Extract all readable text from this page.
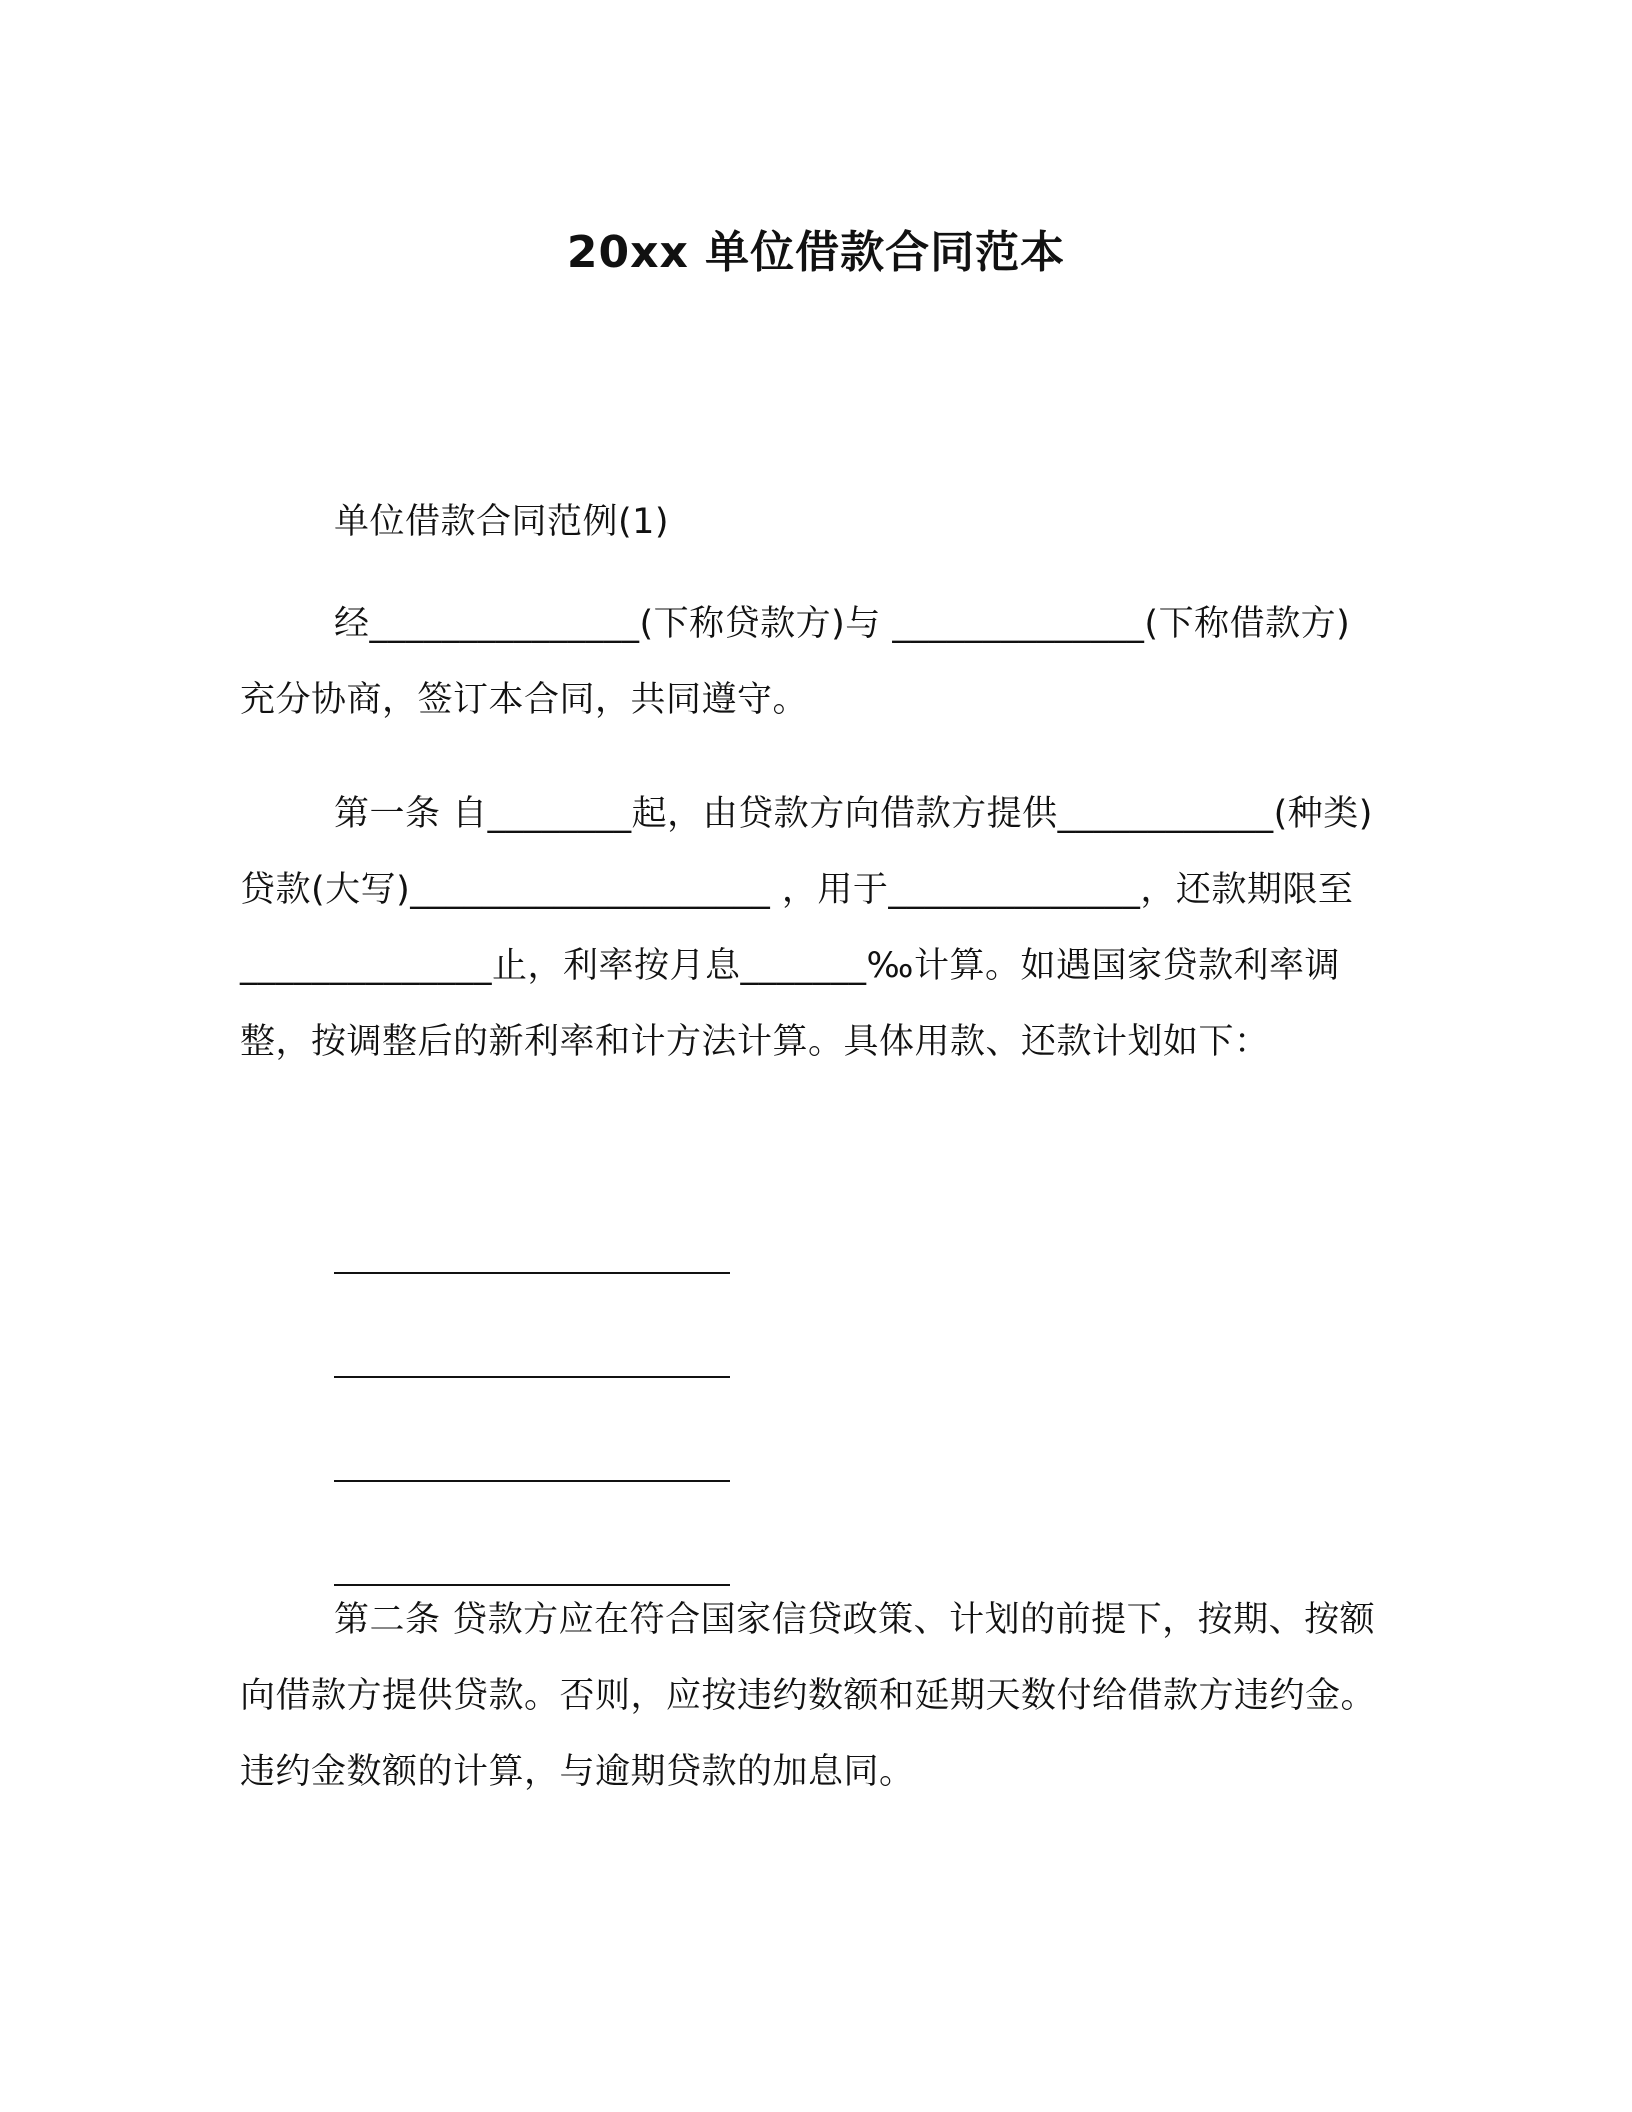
20xx 单位借款合同范本
单位借款合同范例(1)
经_______________(下称贷款方)与 ______________(下称借款方)充分协商，签订本合同，共同遵守。
第一条 自________起，由贷款方向借款方提供____________(种类)贷款(大写)____________________ ，用于______________，还款期限至______________止，利率按月息_______‰计算。如遇国家贷款利率调整，按调整后的新利率和计方法计算。具体用款、还款计划如下：
第二条 贷款方应在符合国家信贷政策、计划的前提下，按期、按额向借款方提供贷款。否则，应按违约数额和延期天数付给借款方违约金。违约金数额的计算，与逾期贷款的加息同。
